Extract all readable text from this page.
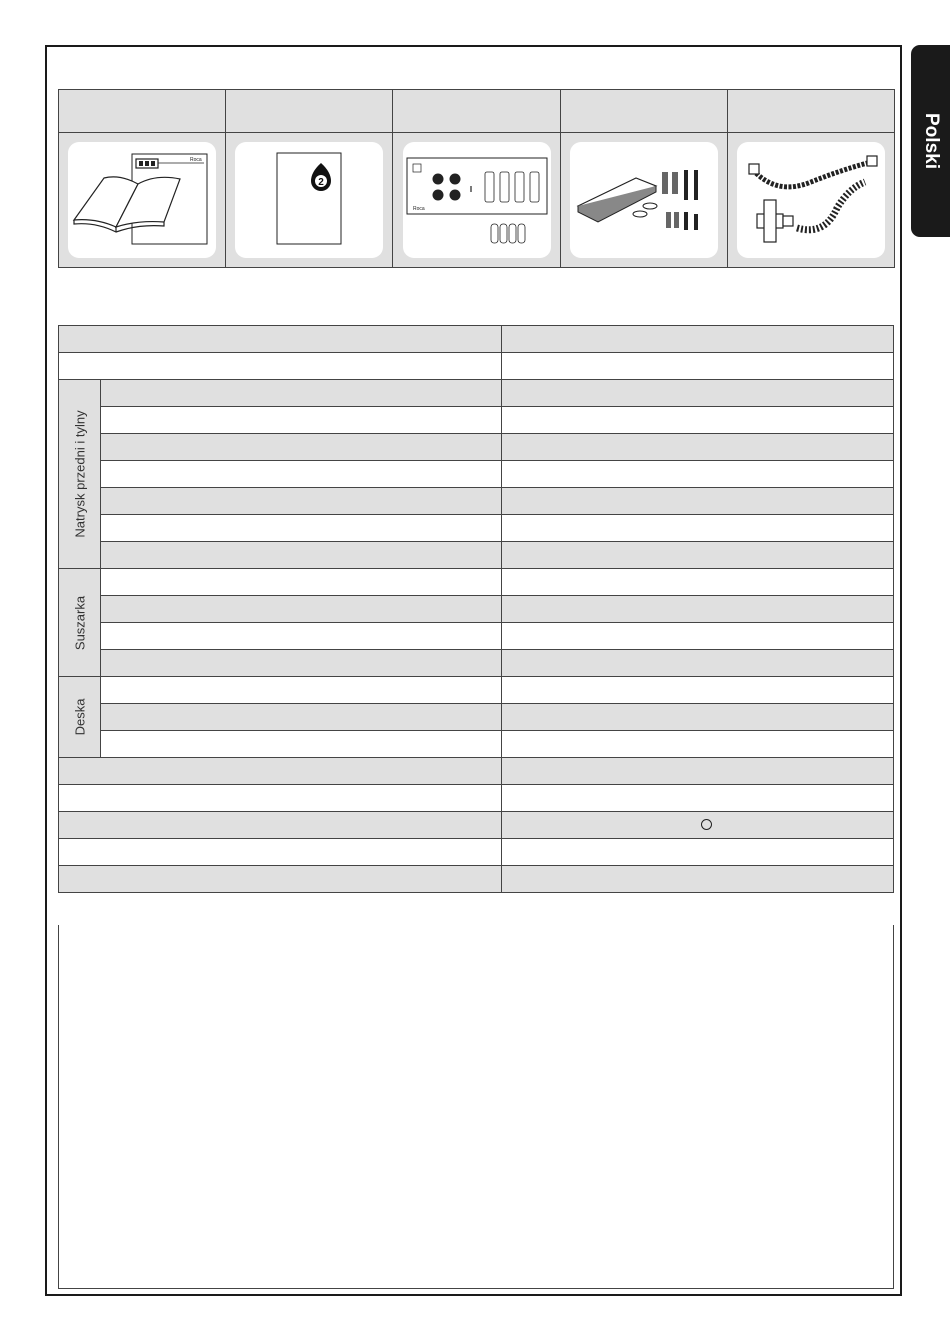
Polski
Roca
2
Roca

Natrysk przedni i tylny		

Suszarka		

Deska		
